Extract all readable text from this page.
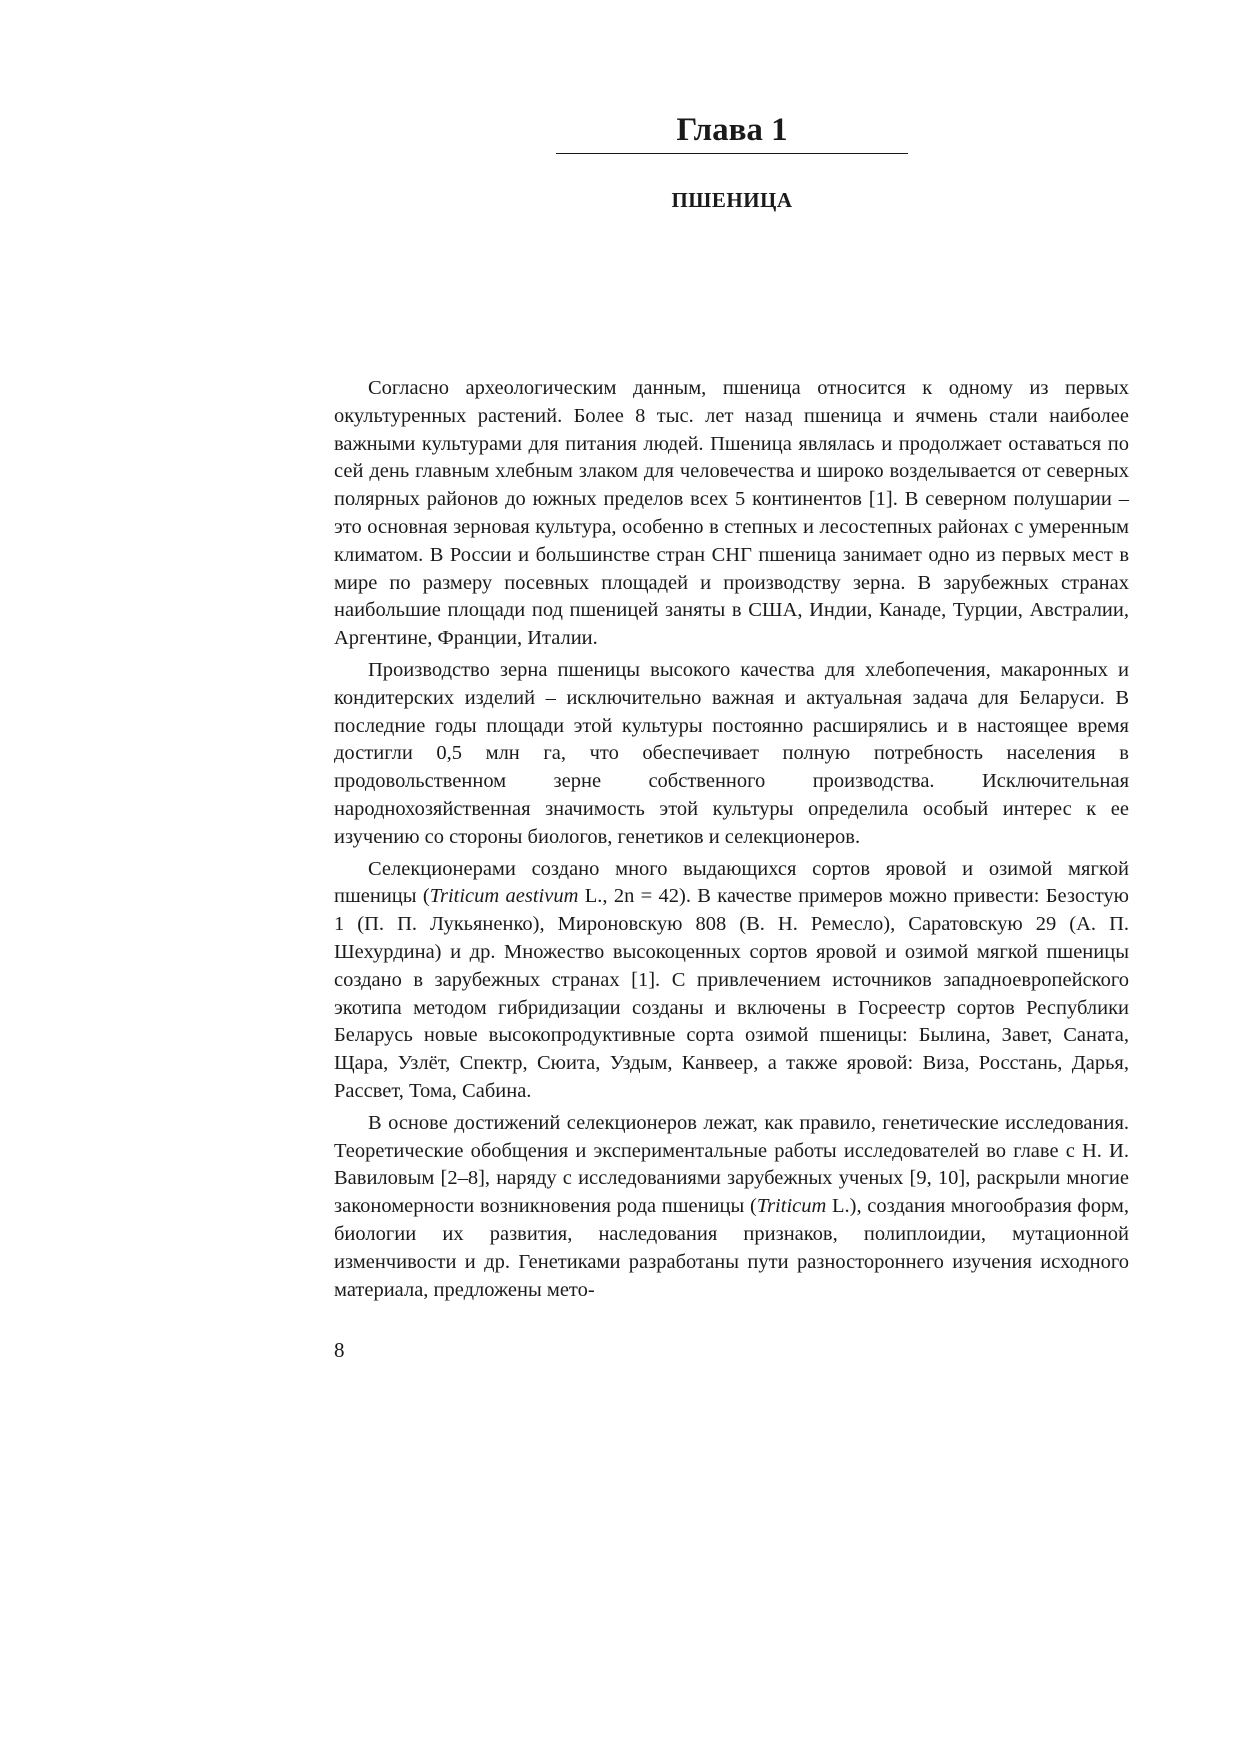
Глава 1
ПШЕНИЦА

Согласно археологическим данным, пшеница относится к одному из первых окультуренных растений. Более 8 тыс. лет назад пшеница и ячмень стали наиболее важными культурами для питания людей. Пшеница являлась и продолжает оставаться по сей день главным хлебным злаком для человечества и широко возделывается от северных полярных районов до южных пределов всех 5 континентов [1]. В северном полушарии – это основная зерновая культура, особенно в степных и лесостепных районах с умеренным климатом. В России и большинстве стран СНГ пшеница занимает одно из первых мест в мире по размеру посевных площадей и производству зерна. В зарубежных странах наибольшие площади под пшеницей заняты в США, Индии, Канаде, Турции, Австралии, Аргентине, Франции, Италии.

Производство зерна пшеницы высокого качества для хлебопечения, макаронных и кондитерских изделий – исключительно важная и актуальная задача для Беларуси. В последние годы площади этой культуры постоянно расширялись и в настоящее время достигли 0,5 млн га, что обеспечивает полную потребность населения в продовольственном зерне собственного производства. Исключительная народнохозяйственная значимость этой культуры определила особый интерес к ее изучению со стороны биологов, генетиков и селекционеров.

Селекционерами создано много выдающихся сортов яровой и озимой мягкой пшеницы (Triticum aestivum L., 2n = 42). В качестве примеров можно привести: Безостую 1 (П. П. Лукьяненко), Мироновскую 808 (В. Н. Ремесло), Саратовскую 29 (А. П. Шехурдина) и др. Множество высокоценных сортов яровой и озимой мягкой пшеницы создано в зарубежных странах [1]. С привлечением источников западноевропейского экотипа методом гибридизации созданы и включены в Госреестр сортов Республики Беларусь новые высокопродуктивные сорта озимой пшеницы: Былина, Завет, Саната, Щара, Узлёт, Спектр, Сюита, Уздым, Канвеер, а также яровой: Виза, Росстань, Дарья, Рассвет, Тома, Сабина.

В основе достижений селекционеров лежат, как правило, генетические исследования. Теоретические обобщения и экспериментальные работы исследователей во главе с Н. И. Вавиловым [2–8], наряду с исследованиями зарубежных ученых [9, 10], раскрыли многие закономерности возникновения рода пшеницы (Triticum L.), создания многообразия форм, биологии их развития, наследования признаков, полиплоидии, мутационной изменчивости и др. Генетиками разработаны пути разностороннего изучения исходного материала, предложены мето-

8
